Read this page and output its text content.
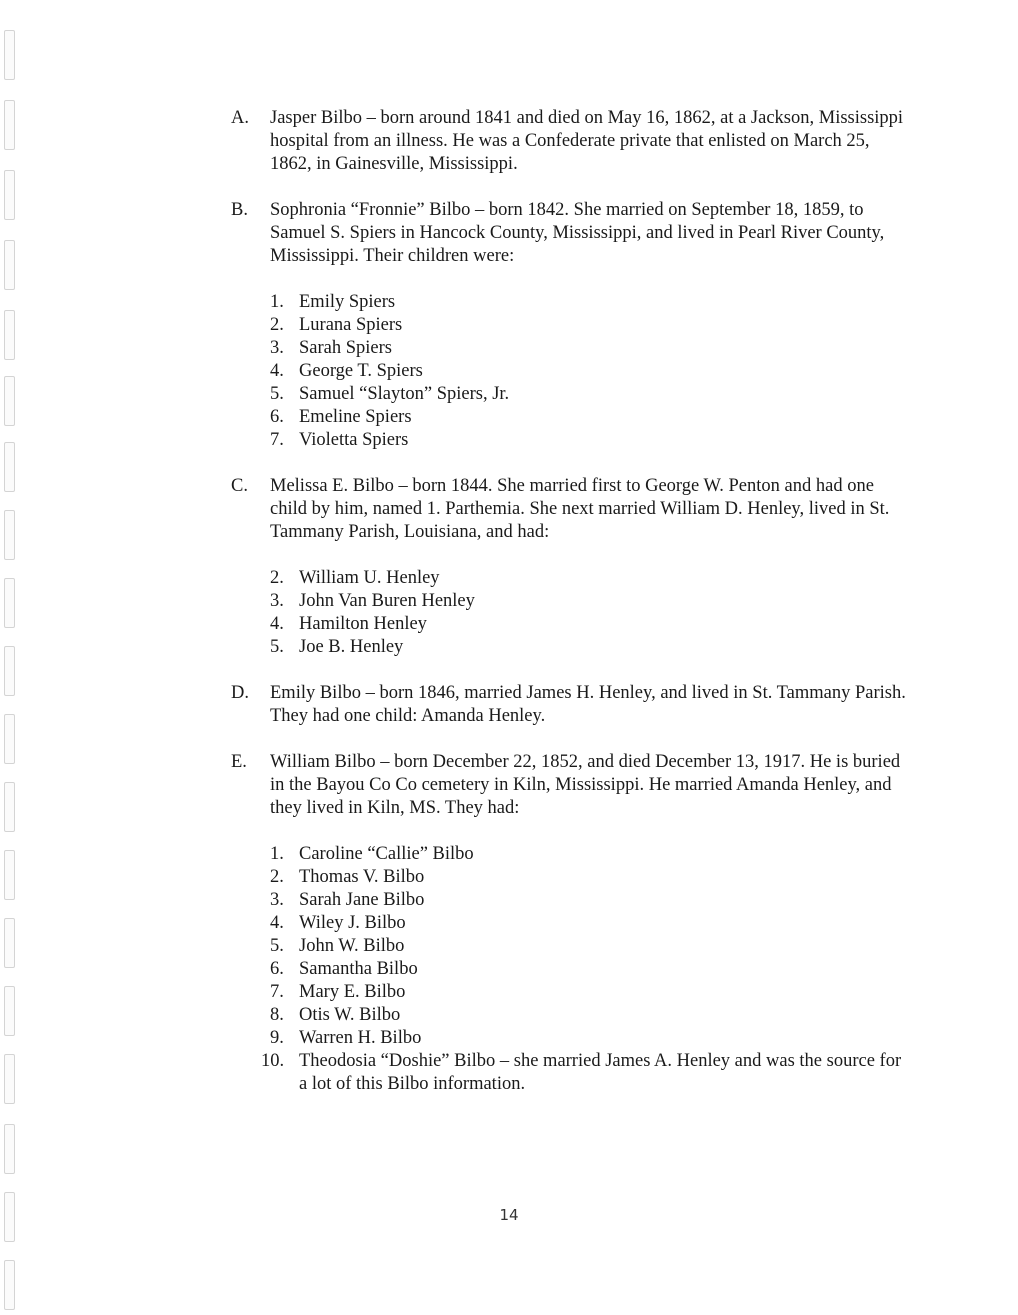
A. Jasper Bilbo – born around 1841 and died on May 16, 1862, at a Jackson, Mississippi hospital from an illness. He was a Confederate private that enlisted on March 25, 1862, in Gainesville, Mississippi.
B. Sophronia “Fronnie” Bilbo – born 1842. She married on September 18, 1859, to Samuel S. Spiers in Hancock County, Mississippi, and lived in Pearl River County, Mississippi. Their children were:
1. Emily Spiers
2. Lurana Spiers
3. Sarah Spiers
4. George T. Spiers
5. Samuel “Slayton” Spiers, Jr.
6. Emeline Spiers
7. Violetta Spiers
C. Melissa E. Bilbo – born 1844. She married first to George W. Penton and had one child by him, named 1. Parthemia. She next married William D. Henley, lived in St. Tammany Parish, Louisiana, and had:
2. William U. Henley
3. John Van Buren Henley
4. Hamilton Henley
5. Joe B. Henley
D. Emily Bilbo – born 1846, married James H. Henley, and lived in St. Tammany Parish. They had one child: Amanda Henley.
E. William Bilbo – born December 22, 1852, and died December 13, 1917. He is buried in the Bayou Co Co cemetery in Kiln, Mississippi. He married Amanda Henley, and they lived in Kiln, MS. They had:
1. Caroline “Callie” Bilbo
2. Thomas V. Bilbo
3. Sarah Jane Bilbo
4. Wiley J. Bilbo
5. John W. Bilbo
6. Samantha Bilbo
7. Mary E. Bilbo
8. Otis W. Bilbo
9. Warren H. Bilbo
10. Theodosia “Doshie” Bilbo – she married James A. Henley and was the source for a lot of this Bilbo information.
14
